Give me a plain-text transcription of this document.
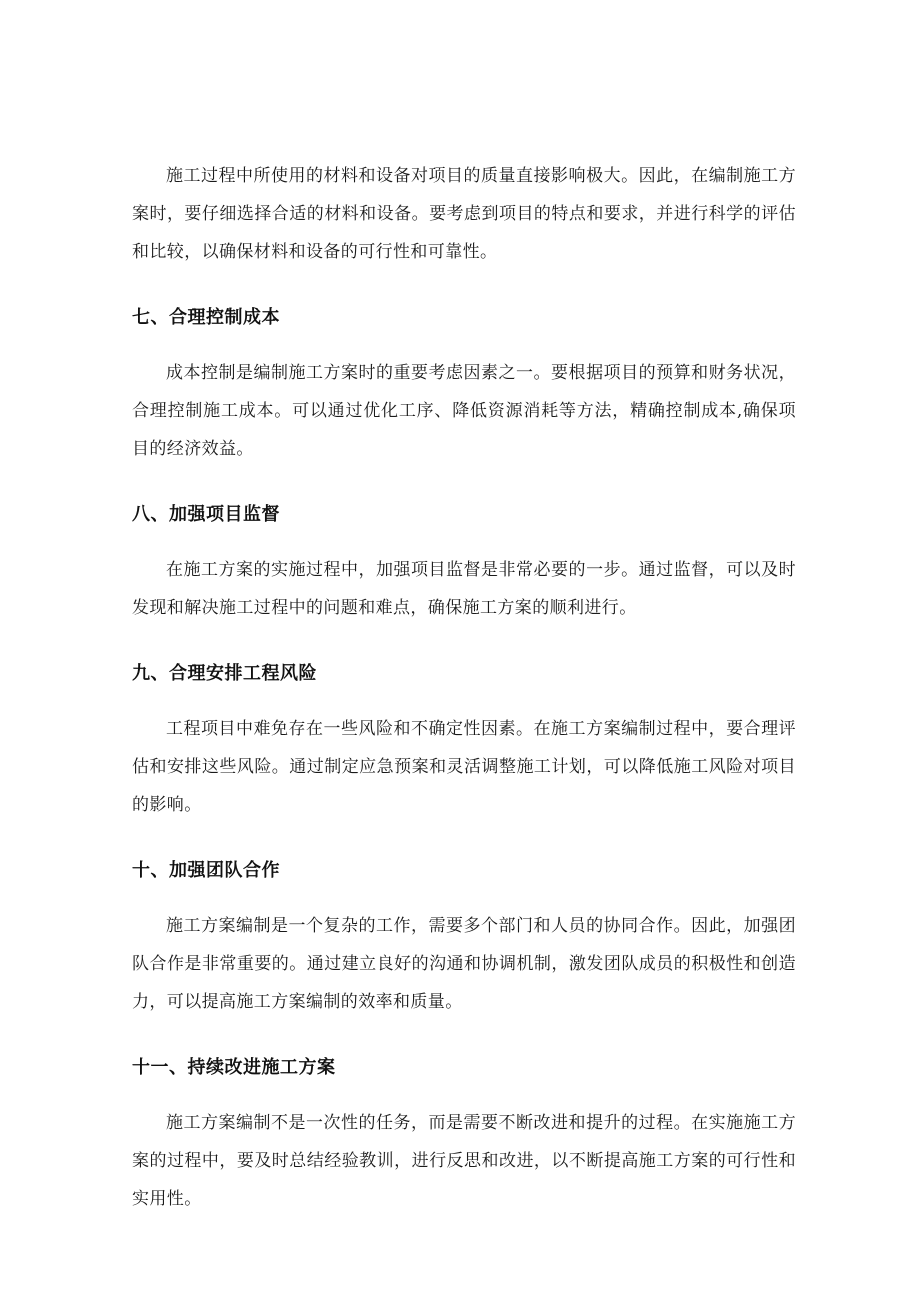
施工过程中所使用的材料和设备对项目的质量直接影响极大。因此，在编制施工方案时，要仔细选择合适的材料和设备。要考虑到项目的特点和要求，并进行科学的评估和比较，以确保材料和设备的可行性和可靠性。

七、合理控制成本

成本控制是编制施工方案时的重要考虑因素之一。要根据项目的预算和财务状况，合理控制施工成本。可以通过优化工序、降低资源消耗等方法，精确控制成本,确保项目的经济效益。

八、加强项目监督

在施工方案的实施过程中，加强项目监督是非常必要的一步。通过监督，可以及时发现和解决施工过程中的问题和难点，确保施工方案的顺利进行。

九、合理安排工程风险

工程项目中难免存在一些风险和不确定性因素。在施工方案编制过程中，要合理评估和安排这些风险。通过制定应急预案和灵活调整施工计划，可以降低施工风险对项目的影响。

十、加强团队合作

施工方案编制是一个复杂的工作，需要多个部门和人员的协同合作。因此，加强团队合作是非常重要的。通过建立良好的沟通和协调机制，激发团队成员的积极性和创造力，可以提高施工方案编制的效率和质量。

十一、持续改进施工方案

施工方案编制不是一次性的任务，而是需要不断改进和提升的过程。在实施施工方案的过程中，要及时总结经验教训，进行反思和改进，以不断提高施工方案的可行性和实用性。
